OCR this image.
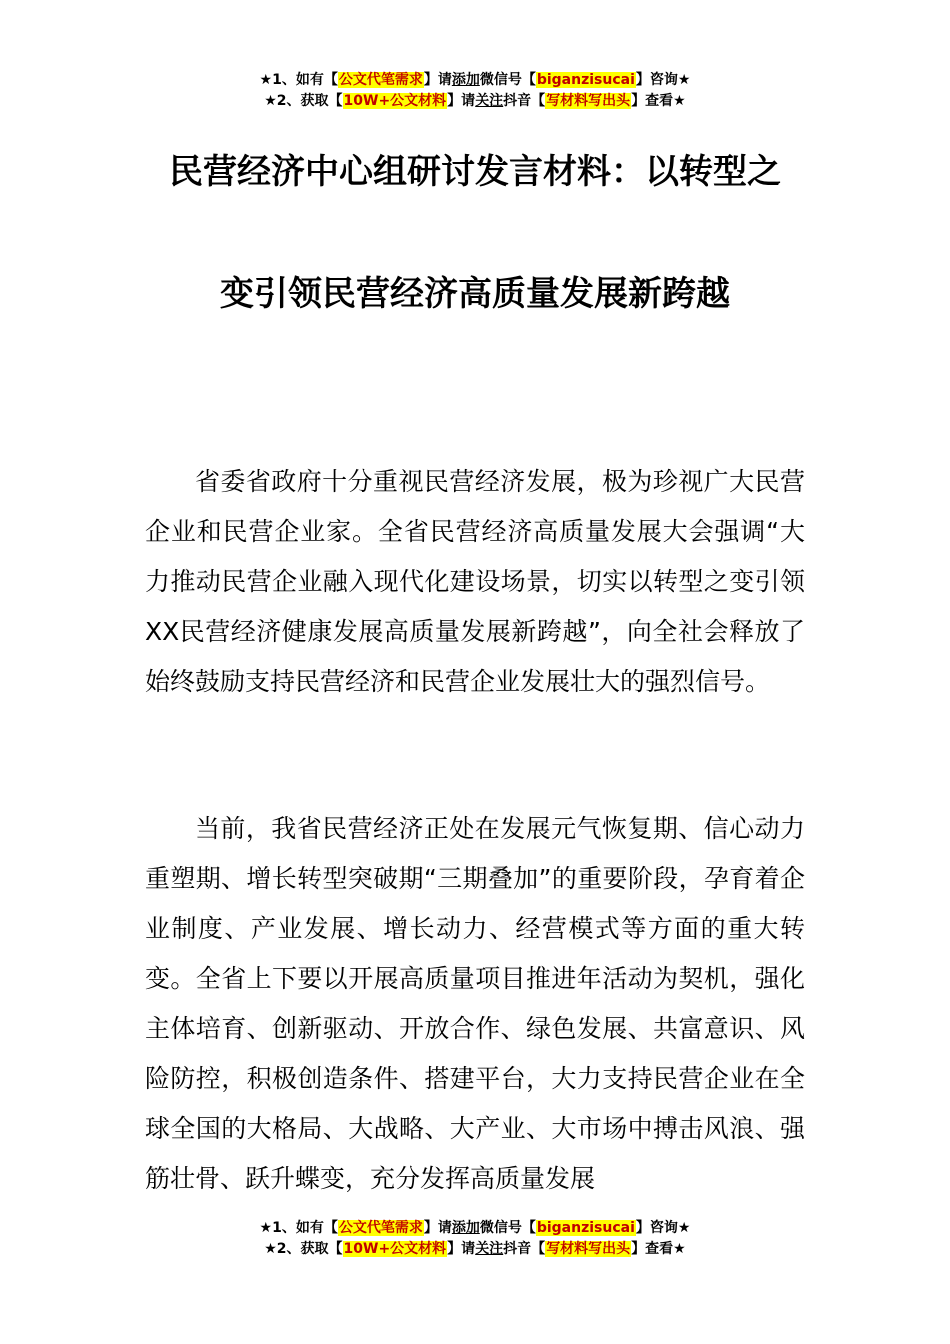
★1、如有【公文代笔需求】请添加微信号【biganzisucai】咨询★
★2、获取【10W+公文材料】请关注抖音【写材料写出头】查看★
民营经济中心组研讨发言材料：以转型之
变引领民营经济高质量发展新跨越

省委省政府十分重视民营经济发展，极为珍视广大民营企业和民营企业家。全省民营经济高质量发展大会强调“大力推动民营企业融入现代化建设场景，切实以转型之变引领XX民营经济健康发展高质量发展新跨越”，向全社会释放了始终鼓励支持民营经济和民营企业发展壮大的强烈信号。

当前，我省民营经济正处在发展元气恢复期、信心动力重塑期、增长转型突破期“三期叠加”的重要阶段，孕育着企业制度、产业发展、增长动力、经营模式等方面的重大转变。全省上下要以开展高质量项目推进年活动为契机，强化主体培育、创新驱动、开放合作、绿色发展、共富意识、风险防控，积极创造条件、搭建平台，大力支持民营企业在全球全国的大格局、大战略、大产业、大市场中搏击风浪、强筋壮骨、跃升蝶变，充分发挥高质量发展

★1、如有【公文代笔需求】请添加微信号【biganzisucai】咨询★
★2、获取【10W+公文材料】请关注抖音【写材料写出头】查看★
